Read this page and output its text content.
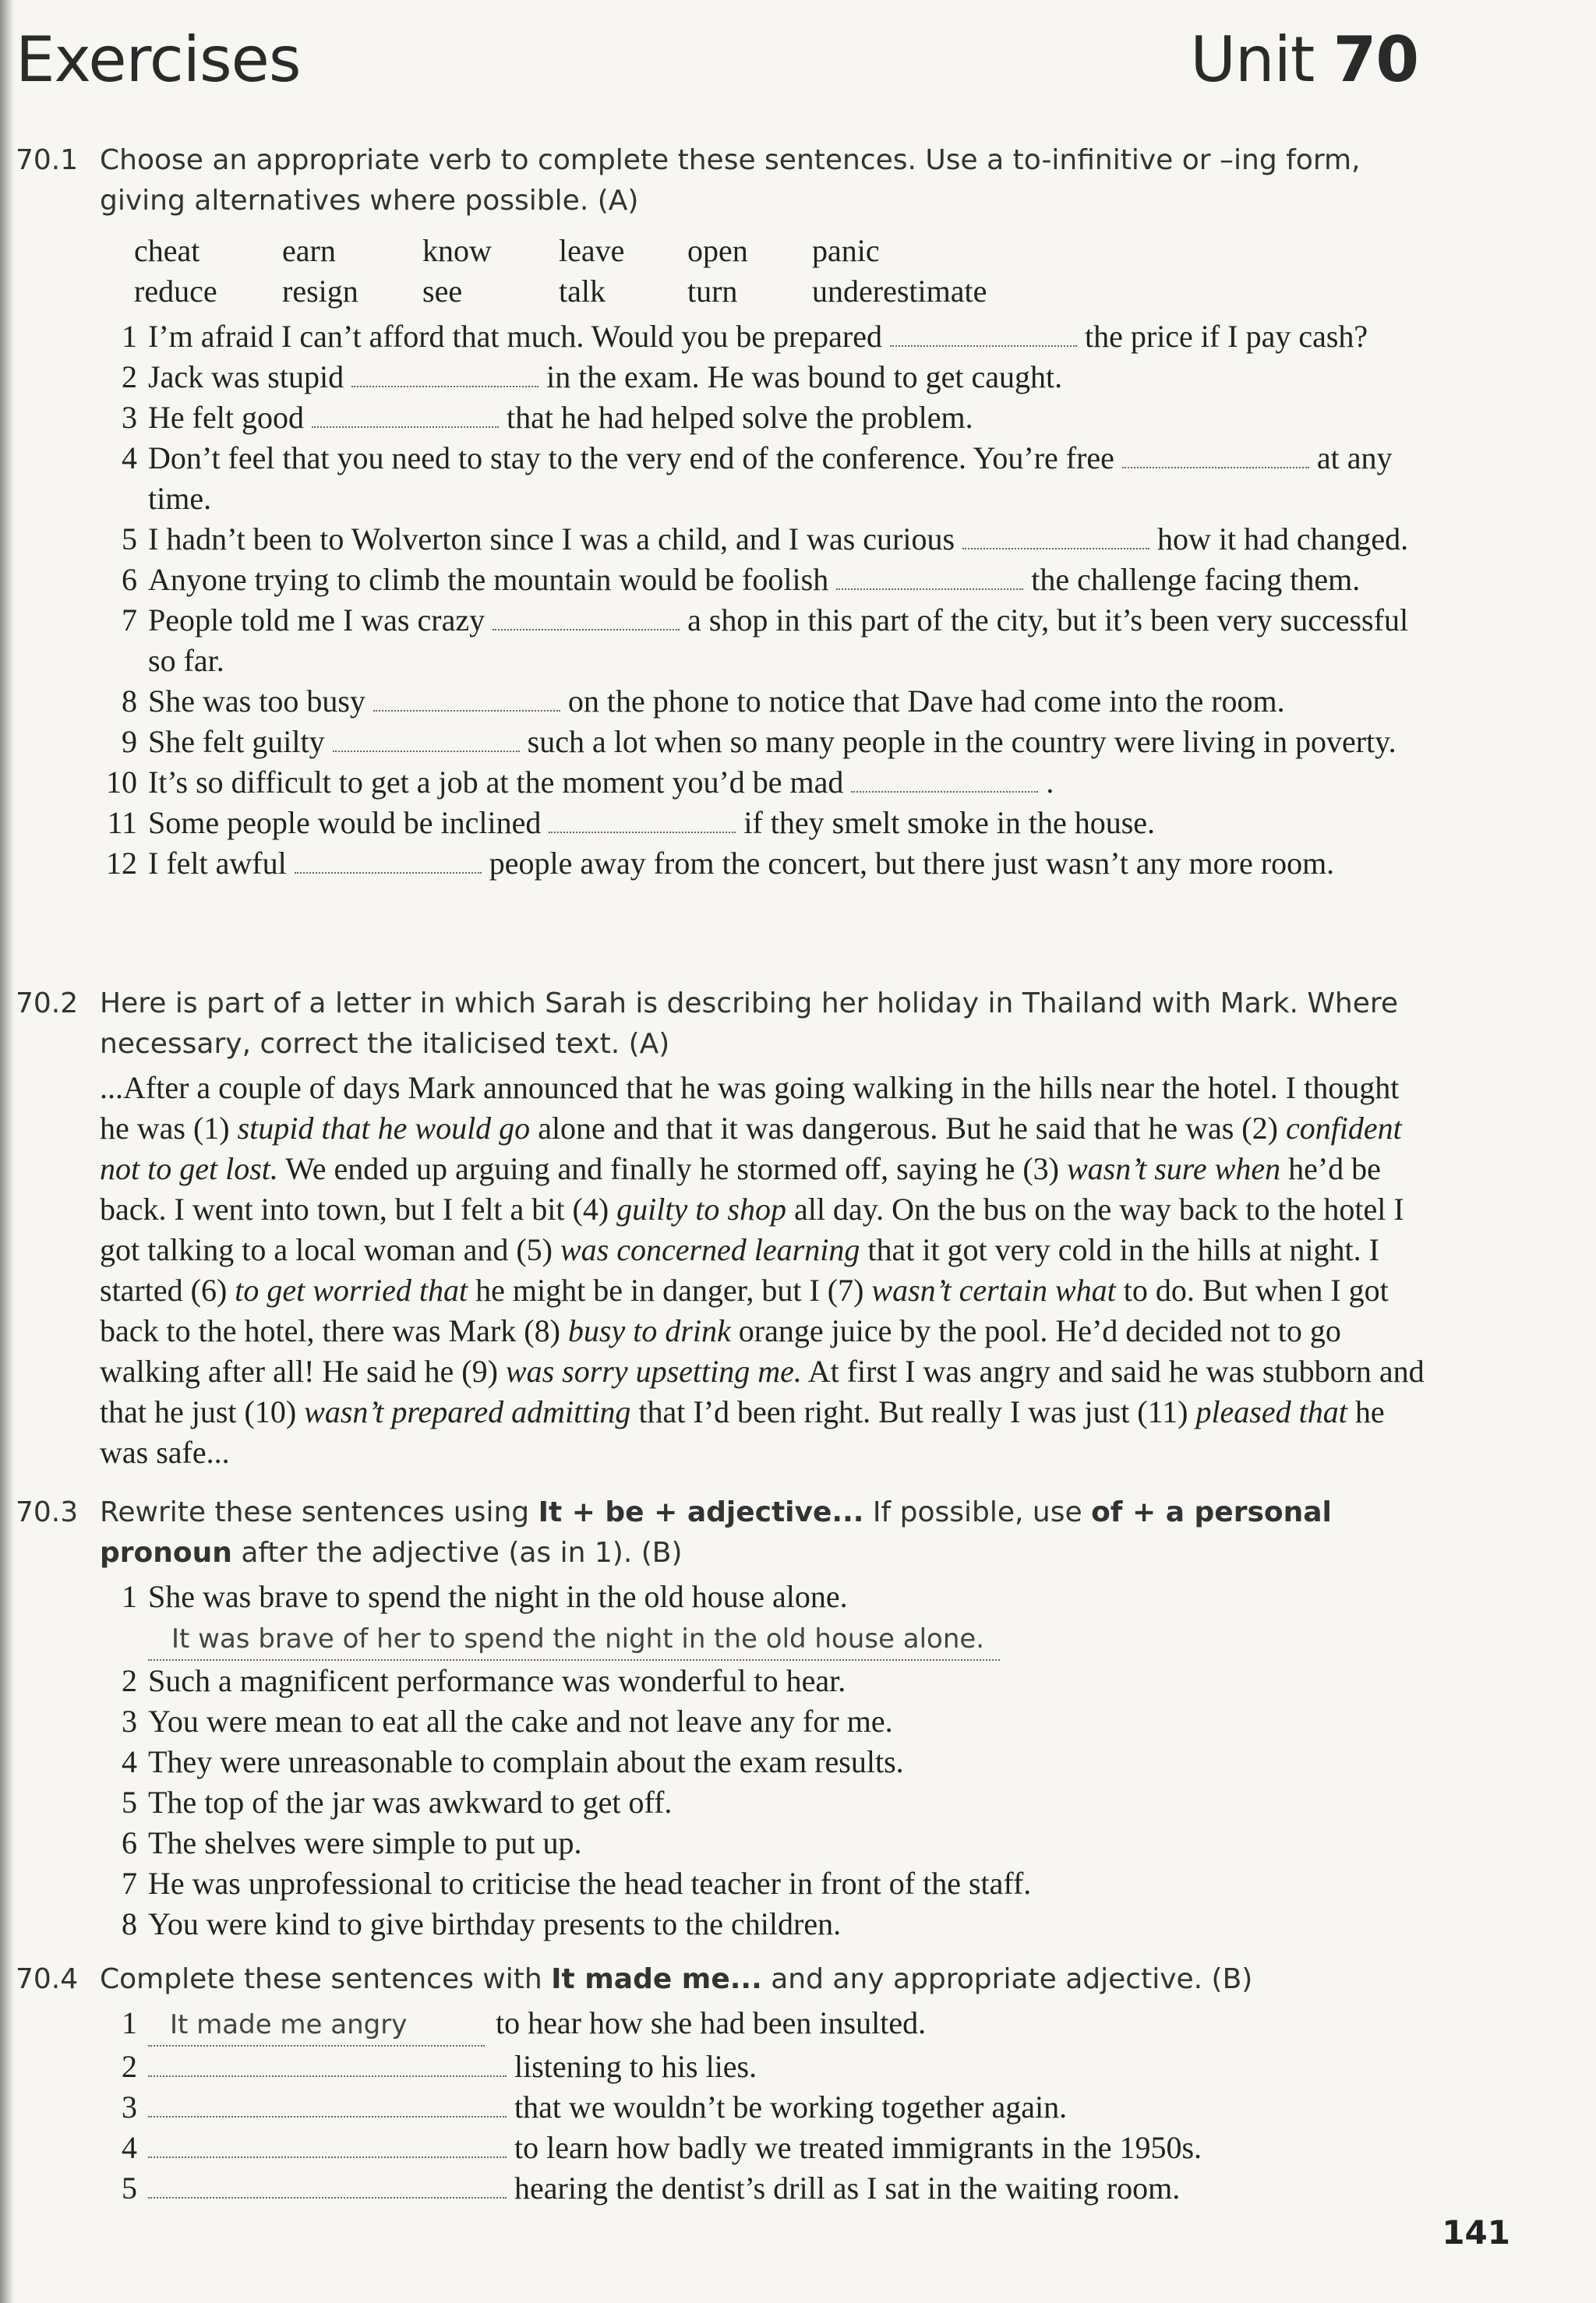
Exercises	Unit 70
70.1 Choose an appropriate verb to complete these sentences. Use a to-infinitive or –ing form, giving alternatives where possible. (A)
cheat	earn	know	leave	open	panic
reduce	resign	see	talk	turn	underestimate
1 I’m afraid I can’t afford that much. Would you be prepared	the price if I pay cash?
2 Jack was stupid	in the exam. He was bound to get caught.
3 He felt good	that he had helped solve the problem.
4 Don’t feel that you need to stay to the very end of the conference. You’re free	at any time.
5 I hadn’t been to Wolverton since I was a child, and I was curious	how it had changed.
6 Anyone trying to climb the mountain would be foolish	the challenge facing them.
7 People told me I was crazy	a shop in this part of the city, but it’s been very successful so far.
8 She was too busy	on the phone to notice that Dave had come into the room.
9 She felt guilty	such a lot when so many people in the country were living in poverty.
10 It’s so difficult to get a job at the moment you’d be mad	.
11 Some people would be inclined	if they smelt smoke in the house.
12 I felt awful	people away from the concert, but there just wasn’t any more room.
70.2 Here is part of a letter in which Sarah is describing her holiday in Thailand with Mark. Where necessary, correct the italicised text. (A)
...After a couple of days Mark announced that he was going walking in the hills near the hotel. I thought he was (1) stupid that he would go alone and that it was dangerous. But he said that he was (2) confident not to get lost. We ended up arguing and finally he stormed off, saying he (3) wasn’t sure when he’d be back. I went into town, but I felt a bit (4) guilty to shop all day. On the bus on the way back to the hotel I got talking to a local woman and (5) was concerned learning that it got very cold in the hills at night. I started (6) to get worried that he might be in danger, but I (7) wasn’t certain what to do. But when I got back to the hotel, there was Mark (8) busy to drink orange juice by the pool. He’d decided not to go walking after all! He said he (9) was sorry upsetting me. At first I was angry and said he was stubborn and that he just (10) wasn’t prepared admitting that I’d been right. But really I was just (11) pleased that he was safe...
70.3 Rewrite these sentences using It + be + adjective... If possible, use of + a personal pronoun after the adjective (as in 1). (B)
1 She was brave to spend the night in the old house alone.
It was brave of her to spend the night in the old house alone.
2 Such a magnificent performance was wonderful to hear.
3 You were mean to eat all the cake and not leave any for me.
4 They were unreasonable to complain about the exam results.
5 The top of the jar was awkward to get off.
6 The shelves were simple to put up.
7 He was unprofessional to criticise the head teacher in front of the staff.
8 You were kind to give birthday presents to the children.
70.4 Complete these sentences with It made me... and any appropriate adjective. (B)
1	It made me angry	to hear how she had been insulted.
2	listening to his lies.
3	that we wouldn’t be working together again.
4	to learn how badly we treated immigrants in the 1950s.
5	hearing the dentist’s drill as I sat in the waiting room.
141
